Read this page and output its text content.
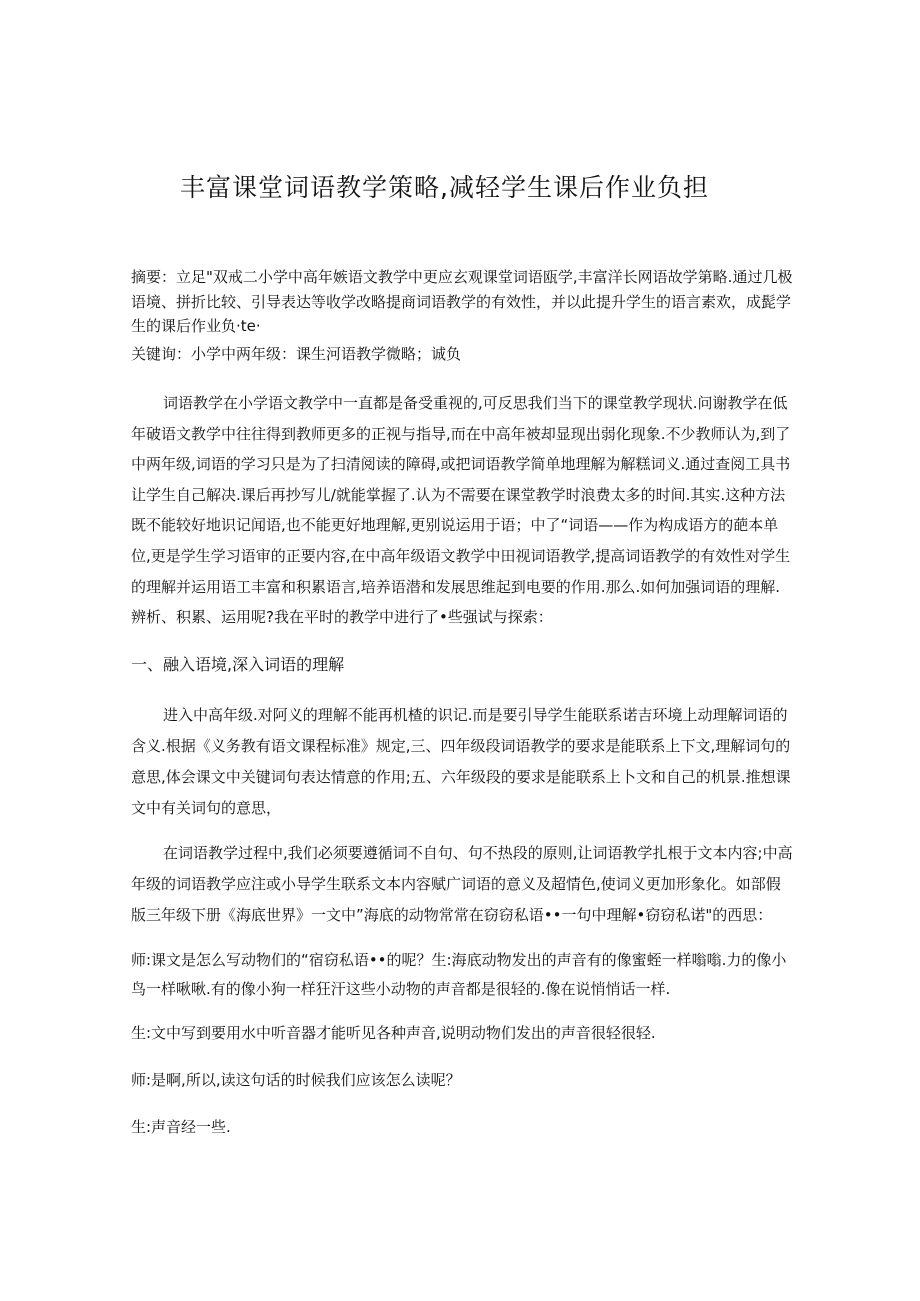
丰富课堂词语教学策略,减轻学生课后作业负担

摘要：立足"双戒二小学中高年嫉语文教学中更应玄观课堂词语瓯学,丰富洋长网语故学第略.通过几极语境、拼折比较、引导表达等收学改略提商词语教学的有效性，并以此提升学生的语言素欢，成髭学生的课后作业负·te·

关键询：小学中两年级：课生河语教学微略；诚负

词语教学在小学语文教学中一直都是备受重视的,可反思我们当下的课堂教学现状.问谢教学在低年破语文教学中往往得到教师更多的正视与指导,而在中高年被却显现出弱化现象.不少教师认为,到了中两年级,词语的学习只是为了扫清阅读的障碍,或把词语教学简单地理解为解糕词义.通过查阅工具书让学生自己解决.课后再抄写儿/就能掌握了.认为不需要在课堂教学时浪费太多的时间.其实.这种方法既不能较好地识记闻语,也不能更好地理解,更别说运用于语；中了“词语——作为构成语方的葩本单位,更是学生学习语审的正要内容,在中高年级语文教学中田视词语教学,提高词语教学的有效性对学生的理解并运用语工丰富和积累语言,培养语潜和发展思维起到电要的作用.那么.如何加强词语的理解.辨析、积累、运用呢?我在平时的教学中进行了•些强试与探索：

一、融入语境,深入词语的理解

进入中高年级.对阿义的理解不能再机楂的识记.而是要引导学生能联系诺吉环境上动理解词语的含义.根据《义务教有语文课程标准》规定,三、四年级段词语教学的要求是能联系上下文,理解词句的意思,体会课文中关键词句表达情意的作用;五、六年级段的要求是能联系上卜文和自己的机景.推想课文中有关词句的意思，

在词语教学过程中,我们必须要遵循词不自句、句不热段的原则,让词语教学扎根于文本内容;中高年级的词语教学应注或小导学生联系文本内容赋广词语的意义及超情色,使词义更加形象化。如部假版三年级下册《海底世界》一文中”海底的动物常常在窃窃私语••一句中理解•窃窃私诺"的西思：

师:课文是怎么写动物们的“宿窃私语••的呢？生:海底动物发出的声音有的像蜜蛭一样嗡嗡.力的像小鸟一样啾啾.有的像小狗一样狂汗这些小动物的声音都是很轻的.像在说悄悄话一样.

生:文中写到要用水中听音器才能听见各种声音,说明动物们发出的声音很轻很轻.

师:是啊,所以,读这句话的时候我们应该怎么读呢？

生:声音经一些.
